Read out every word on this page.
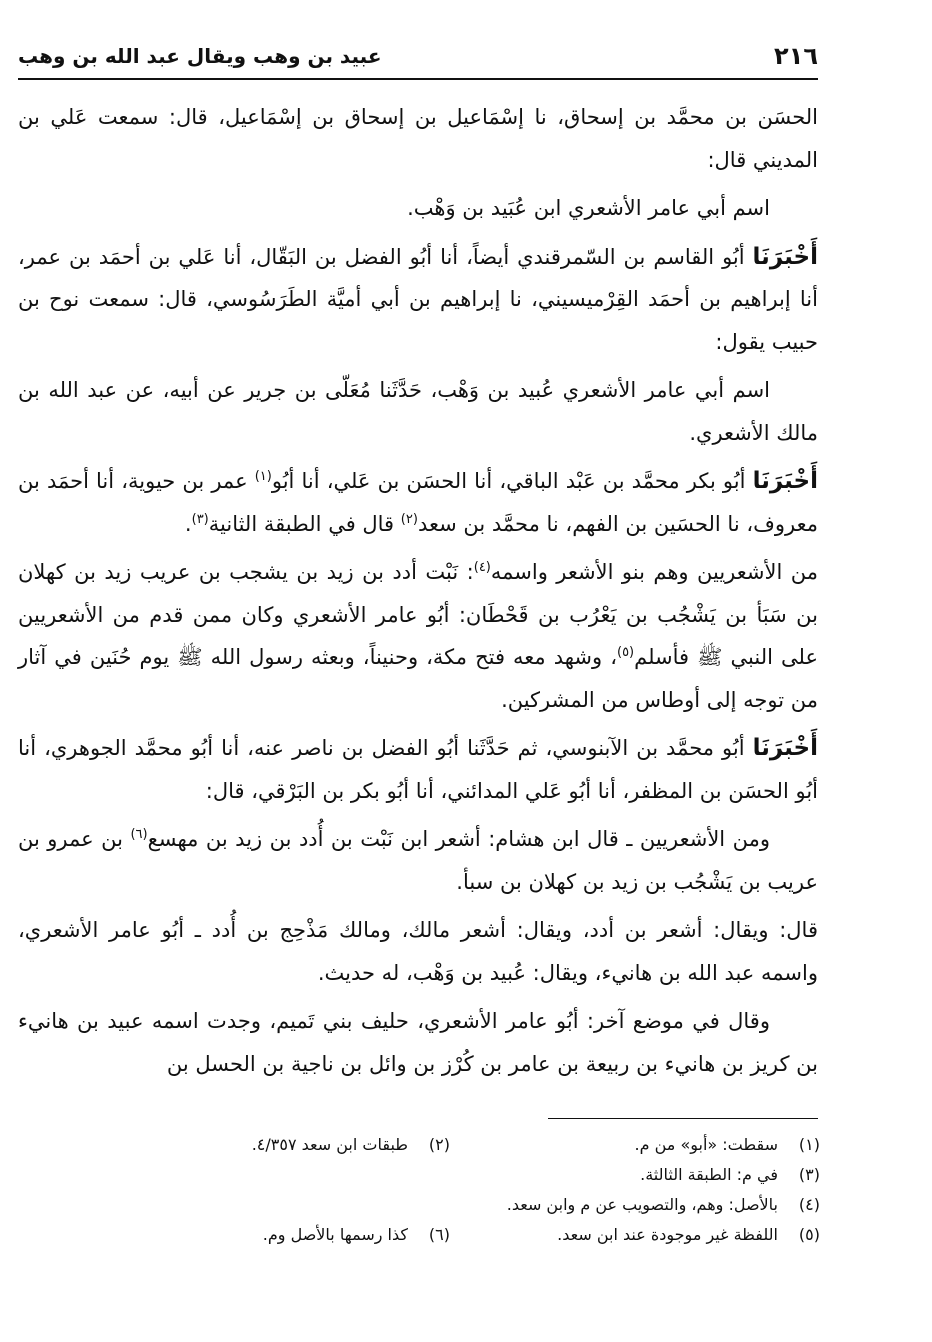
٢١٦
عبيد بن وهب ويقال عبد الله بن وهب

الحسَن بن محمَّد بن إسحاق، نا إسْمَاعيل بن إسحاق بن إسْمَاعيل، قال: سمعت عَلي بن المديني قال:

اسم أبي عامر الأشعري ابن عُبَيد بن وَهْب.

أَخْبَرَنَا أبُو القاسم بن السّمرقندي أيضاً، أنا أبُو الفضل بن البَقّال، أنا عَلي بن أحمَد بن عمر، أنا إبراهيم بن أحمَد القِرْميسيني، نا إبراهيم بن أبي أميَّة الطَرَسُوسي، قال: سمعت نوح بن حبيب يقول:

اسم أبي عامر الأشعري عُبيد بن وَهْب، حَدَّثَنا مُعَلّى بن جرير عن أبيه، عن عبد الله بن مالك الأشعري.

أَخْبَرَنَا أبُو بكر محمَّد بن عَبْد الباقي، أنا الحسَن بن عَلي، أنا أبُو$^{(١)}$ عمر بن حيوية، أنا أحمَد بن معروف، نا الحسَين بن الفهم، نا محمَّد بن سعد$^{(٢)}$ قال في الطبقة الثانية$^{(٣)}$.

من الأشعريين وهم بنو الأشعر واسمه$^{(٤)}$: نَبْت أدد بن زيد بن يشجب بن عريب زيد بن كهلان بن سَبَأ بن يَشْجُب بن يَعْرُب بن قَحْطَان: أبُو عامر الأشعري وكان ممن قدم من الأشعريين على النبي ﷺ فأسلم$^{(٥)}$، وشهد معه فتح مكة، وحنيناً، وبعثه رسول الله ﷺ يوم حُنَين في آثار من توجه إلى أوطاس من المشركين.

أَخْبَرَنَا أبُو محمَّد بن الآبنوسي، ثم حَدَّثَنا أبُو الفضل بن ناصر عنه، أنا أبُو محمَّد الجوهري، أنا أبُو الحسَن بن المظفر، أنا أبُو عَلي المدائني، أنا أبُو بكر بن البَرْقي، قال:

ومن الأشعريين ـ قال ابن هشام: أشعر ابن نَبْت بن أُدد بن زيد بن مهسع$^{(٦)}$ بن عمرو بن عريب بن يَشْجُب بن زيد بن كهلان بن سبأ.

قال: ويقال: أشعر بن أدد، ويقال: أشعر مالك، ومالك مَذْحِج بن أُدد ـ أبُو عامر الأشعري، واسمه عبد الله بن هانيء، ويقال: عُبيد بن وَهْب، له حديث.

وقال في موضع آخر: أبُو عامر الأشعري، حليف بني تَميم، وجدت اسمه عبيد بن هانيء بن كريز بن هانيء بن ربيعة بن عامر بن كُرْز بن وائل بن ناجية بن الحسل بن

(١)سقطت: «أبو» من م.
(٢)طبقات ابن سعد ٤/٣٥٧.
(٣)في م: الطبقة الثالثة.
(٤)بالأصل: وهم، والتصويب عن م وابن سعد.
(٥)اللفظة غير موجودة عند ابن سعد.
(٦)كذا رسمها بالأصل وم.
